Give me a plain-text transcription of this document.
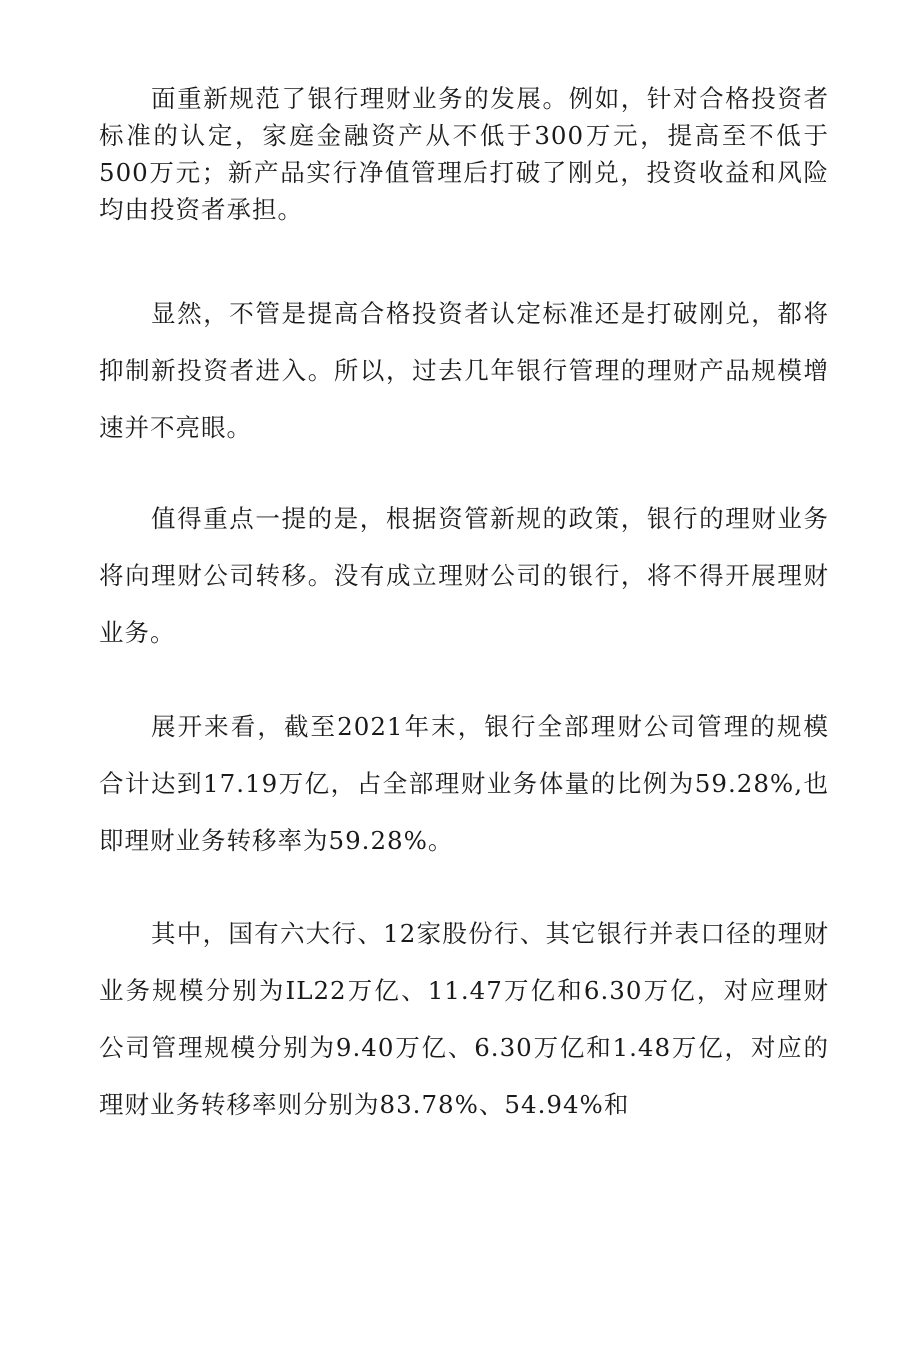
面重新规范了银行理财业务的发展。例如，针对合格投资者标准的认定，家庭金融资产从不低于300万元，提高至不低于500万元；新产品实行净值管理后打破了刚兑，投资收益和风险均由投资者承担。

显然，不管是提高合格投资者认定标准还是打破刚兑，都将抑制新投资者进入。所以，过去几年银行管理的理财产品规模增速并不亮眼。

值得重点一提的是，根据资管新规的政策，银行的理财业务将向理财公司转移。没有成立理财公司的银行，将不得开展理财业务。

展开来看，截至2021年末，银行全部理财公司管理的规模合计达到17.19万亿，占全部理财业务体量的比例为59.28%,也即理财业务转移率为59.28%。

其中，国有六大行、12家股份行、其它银行并表口径的理财业务规模分别为IL22万亿、11.47万亿和6.30万亿，对应理财公司管理规模分别为9.40万亿、6.30万亿和1.48万亿，对应的理财业务转移率则分别为83.78%、54.94%和
